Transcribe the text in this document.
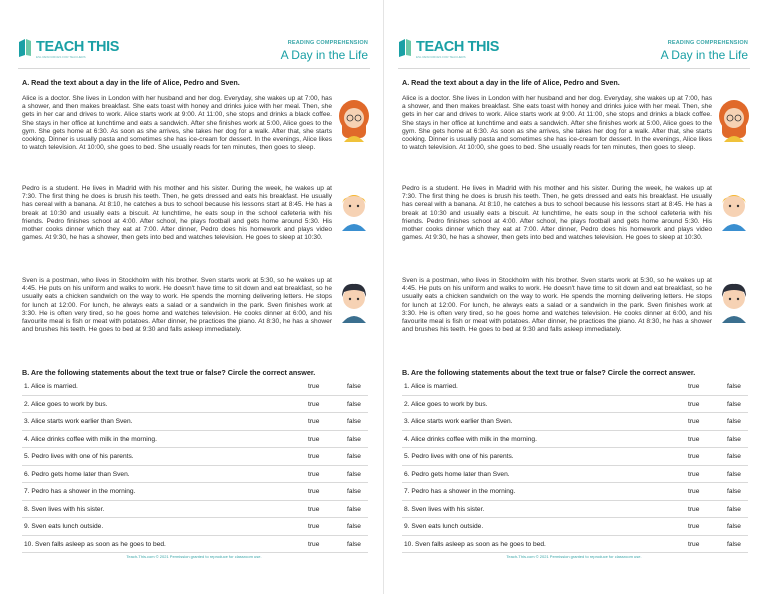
TEACH THIS
ESL RESOURCES FOR TEACHERS
READING COMPREHENSION
A Day in the Life
A. Read the text about a day in the life of Alice, Pedro and Sven.
Alice is a doctor. She lives in London with her husband and her dog. Everyday, she wakes up at 7:00, has a shower, and then makes breakfast. She eats toast with honey and drinks juice with her meal. Then, she gets in her car and drives to work. Alice starts work at 9:00. At 11:00, she stops and drinks a black coffee. She stays in her office at lunchtime and eats a sandwich. After she finishes work at 5:00, Alice goes to the gym. She gets home at 6:30. As soon as she arrives, she takes her dog for a walk. After that, she starts cooking. Dinner is usually pasta and sometimes she has ice-cream for dessert. In the evenings, Alice likes to watch television. At 10:00, she goes to bed. She usually reads for ten minutes, then goes to sleep.
Pedro is a student. He lives in Madrid with his mother and his sister. During the week, he wakes up at 7:30. The first thing he does is brush his teeth. Then, he gets dressed and eats his breakfast. He usually has cereal with a banana. At 8:10, he catches a bus to school because his lessons start at 8:45. He has a break at 10:30 and usually eats a biscuit. At lunchtime, he eats soup in the school cafeteria with his friends. Pedro finishes school at 4:00. After school, he plays football and gets home around 5:30. His mother cooks dinner which they eat at 7:00. After dinner, Pedro does his homework and plays video games. At 9:30, he has a shower, then gets into bed and watches television. He goes to sleep at 10:30.
Sven is a postman, who lives in Stockholm with his brother. Sven starts work at 5:30, so he wakes up at 4:45. He puts on his uniform and walks to work. He doesn't have time to sit down and eat breakfast, so he usually eats a chicken sandwich on the way to work. He spends the morning delivering letters. He stops for lunch at 12:00. For lunch, he always eats a salad or a sandwich in the park. Sven finishes work at 3:30. He is often very tired, so he goes home and watches television. He cooks dinner at 6:00, and his favourite meal is fish or meat with potatoes. After dinner, he practices the piano. At 8:30, he has a shower and brushes his teeth. He goes to bed at 9:30 and falls asleep immediately.
B. Are the following statements about the text true or false? Circle the correct answer.
1. Alice is married.	true	false
2. Alice goes to work by bus.	true	false
3. Alice starts work earlier than Sven.	true	false
4. Alice drinks coffee with milk in the morning.	true	false
5. Pedro lives with one of his parents.	true	false
6. Pedro gets home later than Sven.	true	false
7. Pedro has a shower in the morning.	true	false
8. Sven lives with his sister.	true	false
9. Sven eats lunch outside.	true	false
10. Sven falls asleep as soon as he goes to bed.	true	false
Teach-This.com © 2021 Permission granted to reproduce for classroom use.
TEACH THIS
ESL RESOURCES FOR TEACHERS
READING COMPREHENSION
A Day in the Life
A. Read the text about a day in the life of Alice, Pedro and Sven.
Alice is a doctor. She lives in London with her husband and her dog. Everyday, she wakes up at 7:00, has a shower, and then makes breakfast. She eats toast with honey and drinks juice with her meal. Then, she gets in her car and drives to work. Alice starts work at 9:00. At 11:00, she stops and drinks a black coffee. She stays in her office at lunchtime and eats a sandwich. After she finishes work at 5:00, Alice goes to the gym. She gets home at 6:30. As soon as she arrives, she takes her dog for a walk. After that, she starts cooking. Dinner is usually pasta and sometimes she has ice-cream for dessert. In the evenings, Alice likes to watch television. At 10:00, she goes to bed. She usually reads for ten minutes, then goes to sleep.
Pedro is a student. He lives in Madrid with his mother and his sister. During the week, he wakes up at 7:30. The first thing he does is brush his teeth. Then, he gets dressed and eats his breakfast. He usually has cereal with a banana. At 8:10, he catches a bus to school because his lessons start at 8:45. He has a break at 10:30 and usually eats a biscuit. At lunchtime, he eats soup in the school cafeteria with his friends. Pedro finishes school at 4:00. After school, he plays football and gets home around 5:30. His mother cooks dinner which they eat at 7:00. After dinner, Pedro does his homework and plays video games. At 9:30, he has a shower, then gets into bed and watches television. He goes to sleep at 10:30.
Sven is a postman, who lives in Stockholm with his brother. Sven starts work at 5:30, so he wakes up at 4:45. He puts on his uniform and walks to work. He doesn't have time to sit down and eat breakfast, so he usually eats a chicken sandwich on the way to work. He spends the morning delivering letters. He stops for lunch at 12:00. For lunch, he always eats a salad or a sandwich in the park. Sven finishes work at 3:30. He is often very tired, so he goes home and watches television. He cooks dinner at 6:00, and his favourite meal is fish or meat with potatoes. After dinner, he practices the piano. At 8:30, he has a shower and brushes his teeth. He goes to bed at 9:30 and falls asleep immediately.
B. Are the following statements about the text true or false? Circle the correct answer.
1. Alice is married.	true	false
2. Alice goes to work by bus.	true	false
3. Alice starts work earlier than Sven.	true	false
4. Alice drinks coffee with milk in the morning.	true	false
5. Pedro lives with one of his parents.	true	false
6. Pedro gets home later than Sven.	true	false
7. Pedro has a shower in the morning.	true	false
8. Sven lives with his sister.	true	false
9. Sven eats lunch outside.	true	false
10. Sven falls asleep as soon as he goes to bed.	true	false
Teach-This.com © 2021 Permission granted to reproduce for classroom use.
